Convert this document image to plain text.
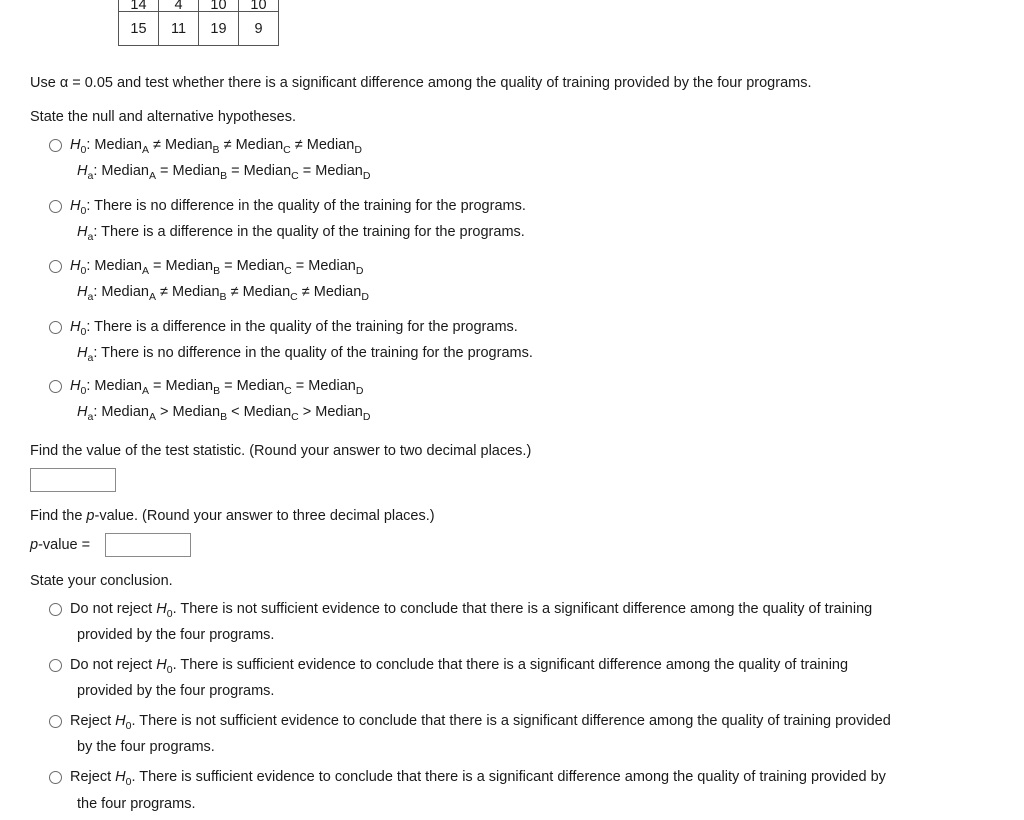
14	4	10	10
15	11	19	9
Use α = 0.05 and test whether there is a significant difference among the quality of training provided by the four programs.
State the null and alternative hypotheses.
$H_0$: Median$_A$ ≠ Median$_B$ ≠ Median$_C$ ≠ Median$_D$
$H_a$: Median$_A$ = Median$_B$ = Median$_C$ = Median$_D$
$H_0$: There is no difference in the quality of the training for the programs.
$H_a$: There is a difference in the quality of the training for the programs.
$H_0$: Median$_A$ = Median$_B$ = Median$_C$ = Median$_D$
$H_a$: Median$_A$ ≠ Median$_B$ ≠ Median$_C$ ≠ Median$_D$
$H_0$: There is a difference in the quality of the training for the programs.
$H_a$: There is no difference in the quality of the training for the programs.
$H_0$: Median$_A$ = Median$_B$ = Median$_C$ = Median$_D$
$H_a$: Median$_A$ > Median$_B$ < Median$_C$ > Median$_D$
Find the value of the test statistic. (Round your answer to two decimal places.)
Find the p-value. (Round your answer to three decimal places.)
p-value =
State your conclusion.
Do not reject $H_0$. There is not sufficient evidence to conclude that there is a significant difference among the quality of training
provided by the four programs.
Do not reject $H_0$. There is sufficient evidence to conclude that there is a significant difference among the quality of training
provided by the four programs.
Reject $H_0$. There is not sufficient evidence to conclude that there is a significant difference among the quality of training provided
by the four programs.
Reject $H_0$. There is sufficient evidence to conclude that there is a significant difference among the quality of training provided by
the four programs.
